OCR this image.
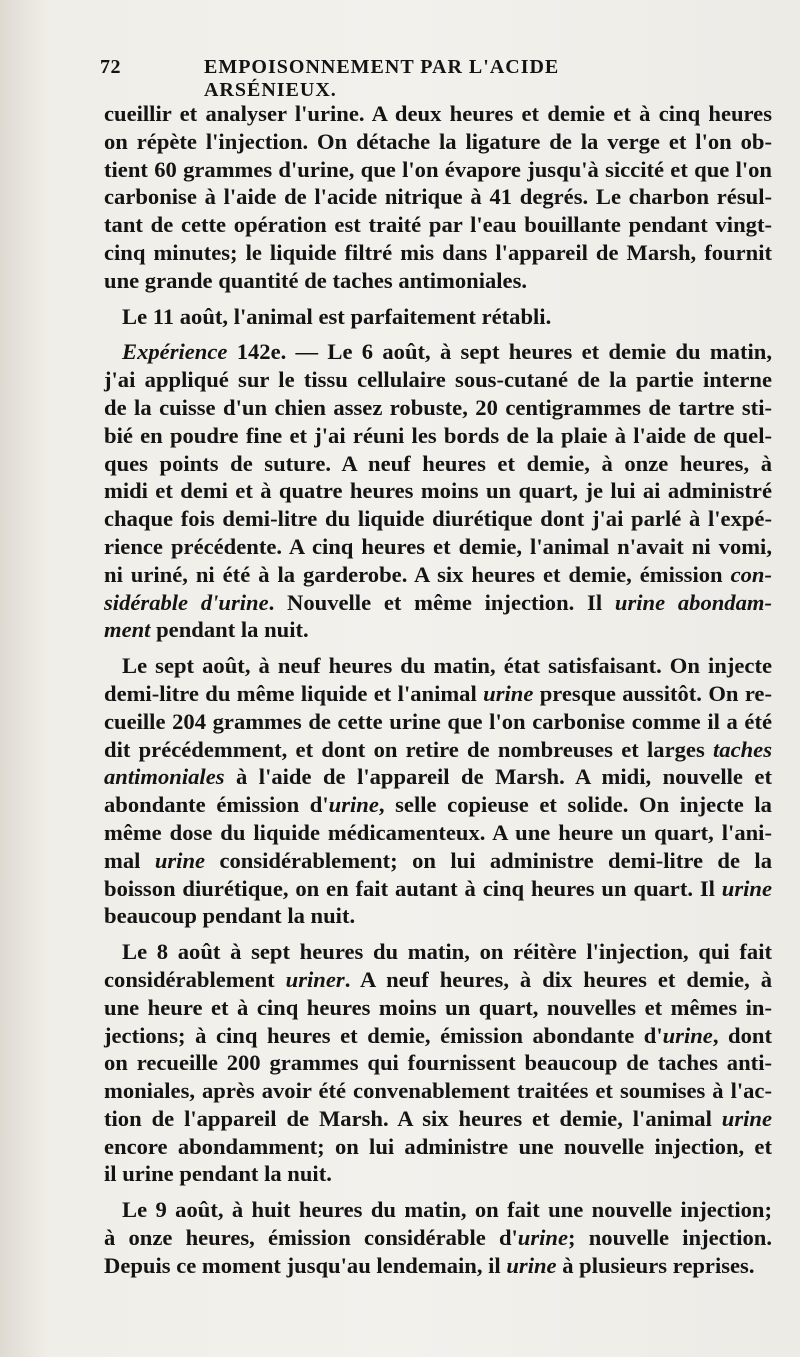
72	EMPOISONNEMENT PAR L'ACIDE ARSÉNIEUX.

cueillir et analyser l'urine. A deux heures et demie et à cinq heures

on répète l'injection. On détache la ligature de la verge et l'on ob-

tient 60 grammes d'urine, que l'on évapore jusqu'à siccité et que l'on

carbonise à l'aide de l'acide nitrique à 41 degrés. Le charbon résul-

tant de cette opération est traité par l'eau bouillante pendant vingt-

cinq minutes; le liquide filtré mis dans l'appareil de Marsh, fournit

une grande quantité de taches antimoniales.

Le 11 août, l'animal est parfaitement rétabli.

Expérience 142e. — Le 6 août, à sept heures et demie du matin,

j'ai appliqué sur le tissu cellulaire sous-cutané de la partie interne

de la cuisse d'un chien assez robuste, 20 centigrammes de tartre sti-

bié en poudre fine et j'ai réuni les bords de la plaie à l'aide de quel-

ques points de suture. A neuf heures et demie, à onze heures, à

midi et demi et à quatre heures moins un quart, je lui ai administré

chaque fois demi-litre du liquide diurétique dont j'ai parlé à l'expé-

rience précédente. A cinq heures et demie, l'animal n'avait ni vomi,

ni uriné, ni été à la garderobe. A six heures et demie, émission con-

sidérable d'urine. Nouvelle et même injection. Il urine abondam-

ment pendant la nuit.

Le sept août, à neuf heures du matin, état satisfaisant. On injecte

demi-litre du même liquide et l'animal urine presque aussitôt. On re-

cueille 204 grammes de cette urine que l'on carbonise comme il a été

dit précédemment, et dont on retire de nombreuses et larges taches

antimoniales à l'aide de l'appareil de Marsh. A midi, nouvelle et

abondante émission d'urine, selle copieuse et solide. On injecte la

même dose du liquide médicamenteux. A une heure un quart, l'ani-

mal urine considérablement; on lui administre demi-litre de la

boisson diurétique, on en fait autant à cinq heures un quart. Il urine

beaucoup pendant la nuit.

Le 8 août à sept heures du matin, on réitère l'injection, qui fait

considérablement uriner. A neuf heures, à dix heures et demie, à

une heure et à cinq heures moins un quart, nouvelles et mêmes in-

jections; à cinq heures et demie, émission abondante d'urine, dont

on recueille 200 grammes qui fournissent beaucoup de taches anti-

moniales, après avoir été convenablement traitées et soumises à l'ac-

tion de l'appareil de Marsh. A six heures et demie, l'animal urine

encore abondamment; on lui administre une nouvelle injection, et

il urine pendant la nuit.

Le 9 août, à huit heures du matin, on fait une nouvelle injection;

à onze heures, émission considérable d'urine; nouvelle injection.

Depuis ce moment jusqu'au lendemain, il urine à plusieurs reprises.
